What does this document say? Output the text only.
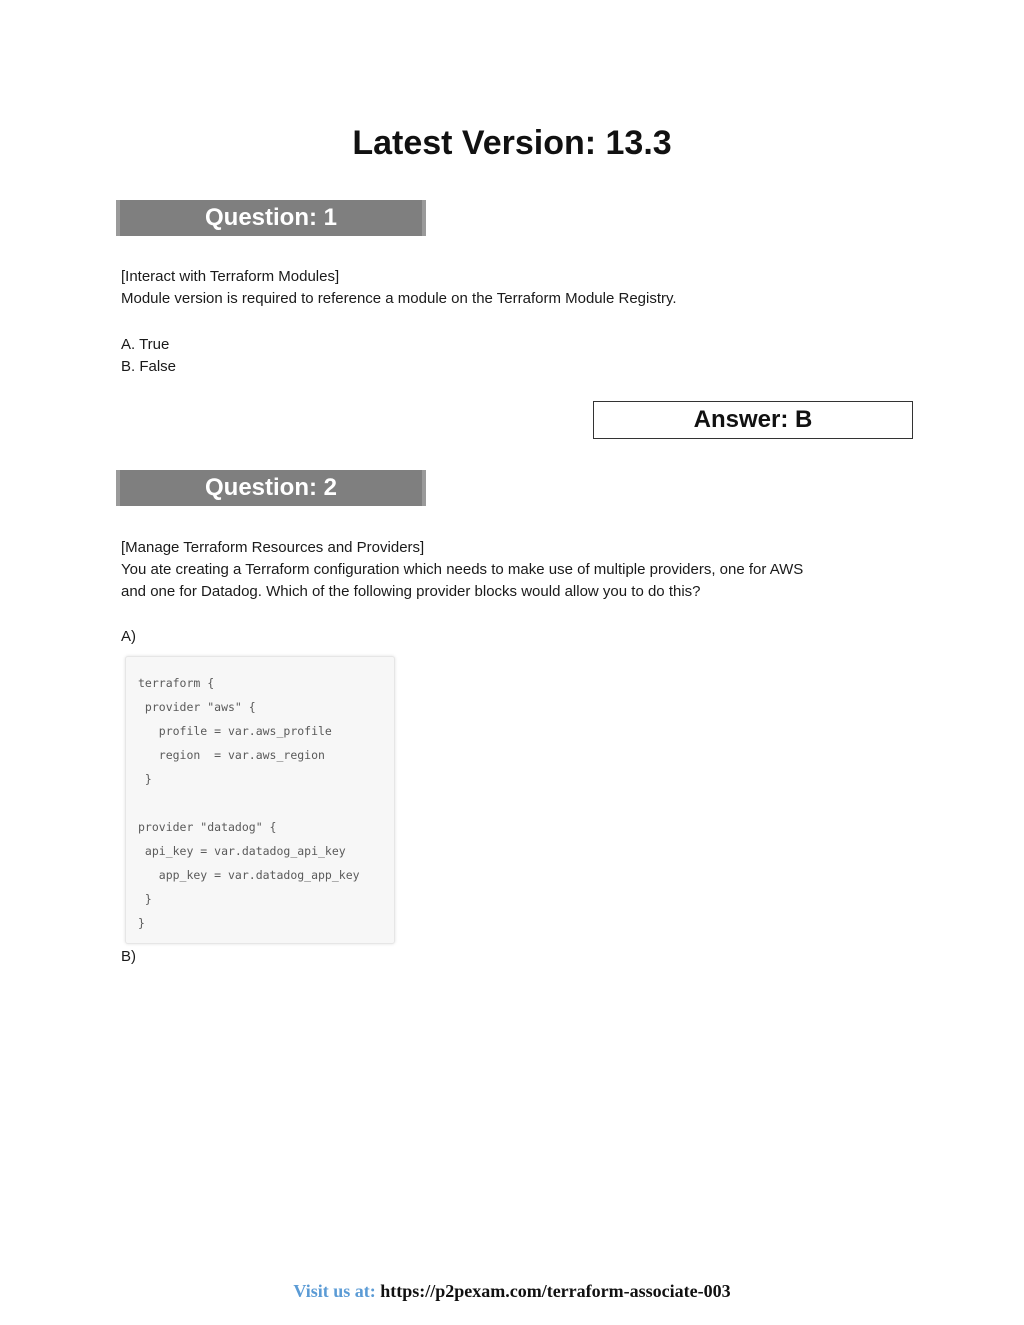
Latest Version: 13.3
Question: 1

[Interact with Terraform Modules]

Module version is required to reference a module on the Terraform Module Registry.

A. True

B. False

Answer: B
Question: 2

[Manage Terraform Resources and Providers]

You ate creating a Terraform configuration which needs to make use of multiple providers, one for AWS

and one for Datadog. Which of the following provider blocks would allow you to do this?

A)
terraform {
provider "aws" {
profile = var.aws_profile
region  = var.aws_region
}
provider "datadog" {
api_key = var.datadog_api_key
app_key = var.datadog_app_key
}
}
B)
Visit us at: https://p2pexam.com/terraform-associate-003
